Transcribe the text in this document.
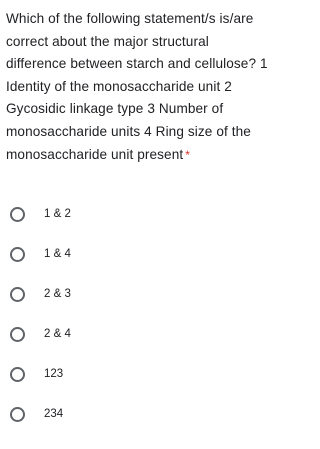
Which of the following statement/s is/are correct about the major structural difference between starch and cellulose? 1 Identity of the monosaccharide unit 2 Gycosidic linkage type 3 Number of monosaccharide units 4 Ring size of the monosaccharide unit present *
1 & 2
1 & 4
2 & 3
2 & 4
123
234
